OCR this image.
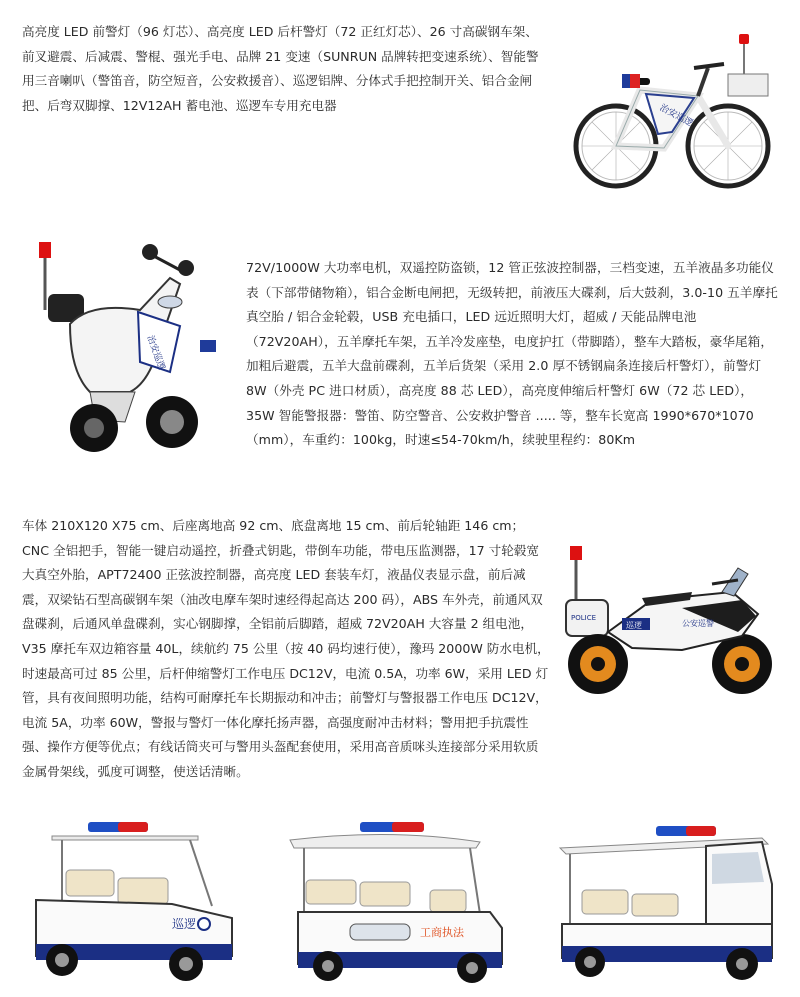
高亮度 LED 前警灯（96 灯芯）、高亮度 LED 后杆警灯（72 正红灯芯）、26 寸高碳钢车架、前叉避震、后减震、警棍、强光手电、品牌 21 变速（SUNRUN 品牌转把变速系统）、智能警用三音喇叭（警笛音，防空短音，公安救援音）、巡逻铝牌、分体式手把控制开关、铝合金闸把、后弯双脚撑、12V12AH 蓄电池、巡逻车专用充电器	治安巡逻
治安巡逻
72V/1000W 大功率电机，双遥控防盗锁，12 管正弦波控制器，三档变速，五羊液晶多功能仪表（下部带储物箱），铝合金断电闸把，无级转把，前液压大碟刹，后大鼓刹，3.0-10 五羊摩托真空胎 / 铝合金轮毂，USB 充电插口，LED 远近照明大灯，超威 / 天能品牌电池（72V20AH），五羊摩托车架，五羊冷发座垫，电度护扛（带脚踏），整车大踏板，豪华尾箱，加粗后避震，五羊大盘前碟刹，五羊后货架（采用 2.0 厚不锈钢扁条连接后杆警灯），前警灯 8W（外壳 PC 进口材质），高亮度 88 芯 LED），高亮度伸缩后杆警灯 6W（72 芯 LED），35W 智能警报器：警笛、防空警音、公安救护警音 ..... 等，整车长宽高 1990*670*1070（mm），车重约：100kg，时速≤54-70km/h，续驶里程约：80Km
车体 210X120 X75 cm、后座离地高 92 cm、底盘离地 15 cm、前后轮轴距 146 cm；CNC 全铝把手，智能一键启动遥控，折叠式钥匙，带倒车功能，带电压监测器，17 寸轮毂宽大真空外胎，APT72400 正弦波控制器，高亮度 LED 套装车灯，液晶仪表显示盘，前后减震，双梁钻石型高碳钢车架（油改电摩车架时速经得起高达 200 码），ABS 车外壳，前通风双盘碟刹，后通风单盘碟刹，实心钢脚撑，全铝前后脚踏，超威 72V20AH 大容量 2 组电池，V35 摩托车双边箱容量 40L，续航约 75 公里（按 40 码均速行使），豫玛 2000W 防水电机，时速最高可过 85 公里，后杆伸缩警灯工作电压 DC12V，电流 0.5A，功率 6W，采用 LED 灯管，具有夜间照明功能，结构可耐摩托车长期振动和冲击；前警灯与警报器工作电压 DC12V，电流 5A，功率 60W，警报与警灯一体化摩托扬声器，高强度耐冲击材料；警用把手抗震性强、操作方便等优点；有线话筒夹可与警用头盔配套使用，采用高音质咪头连接部分采用软质金属骨架线，弧度可调整，使送话清晰。
POLICE
公安巡警
巡逻
巡逻
工商执法
